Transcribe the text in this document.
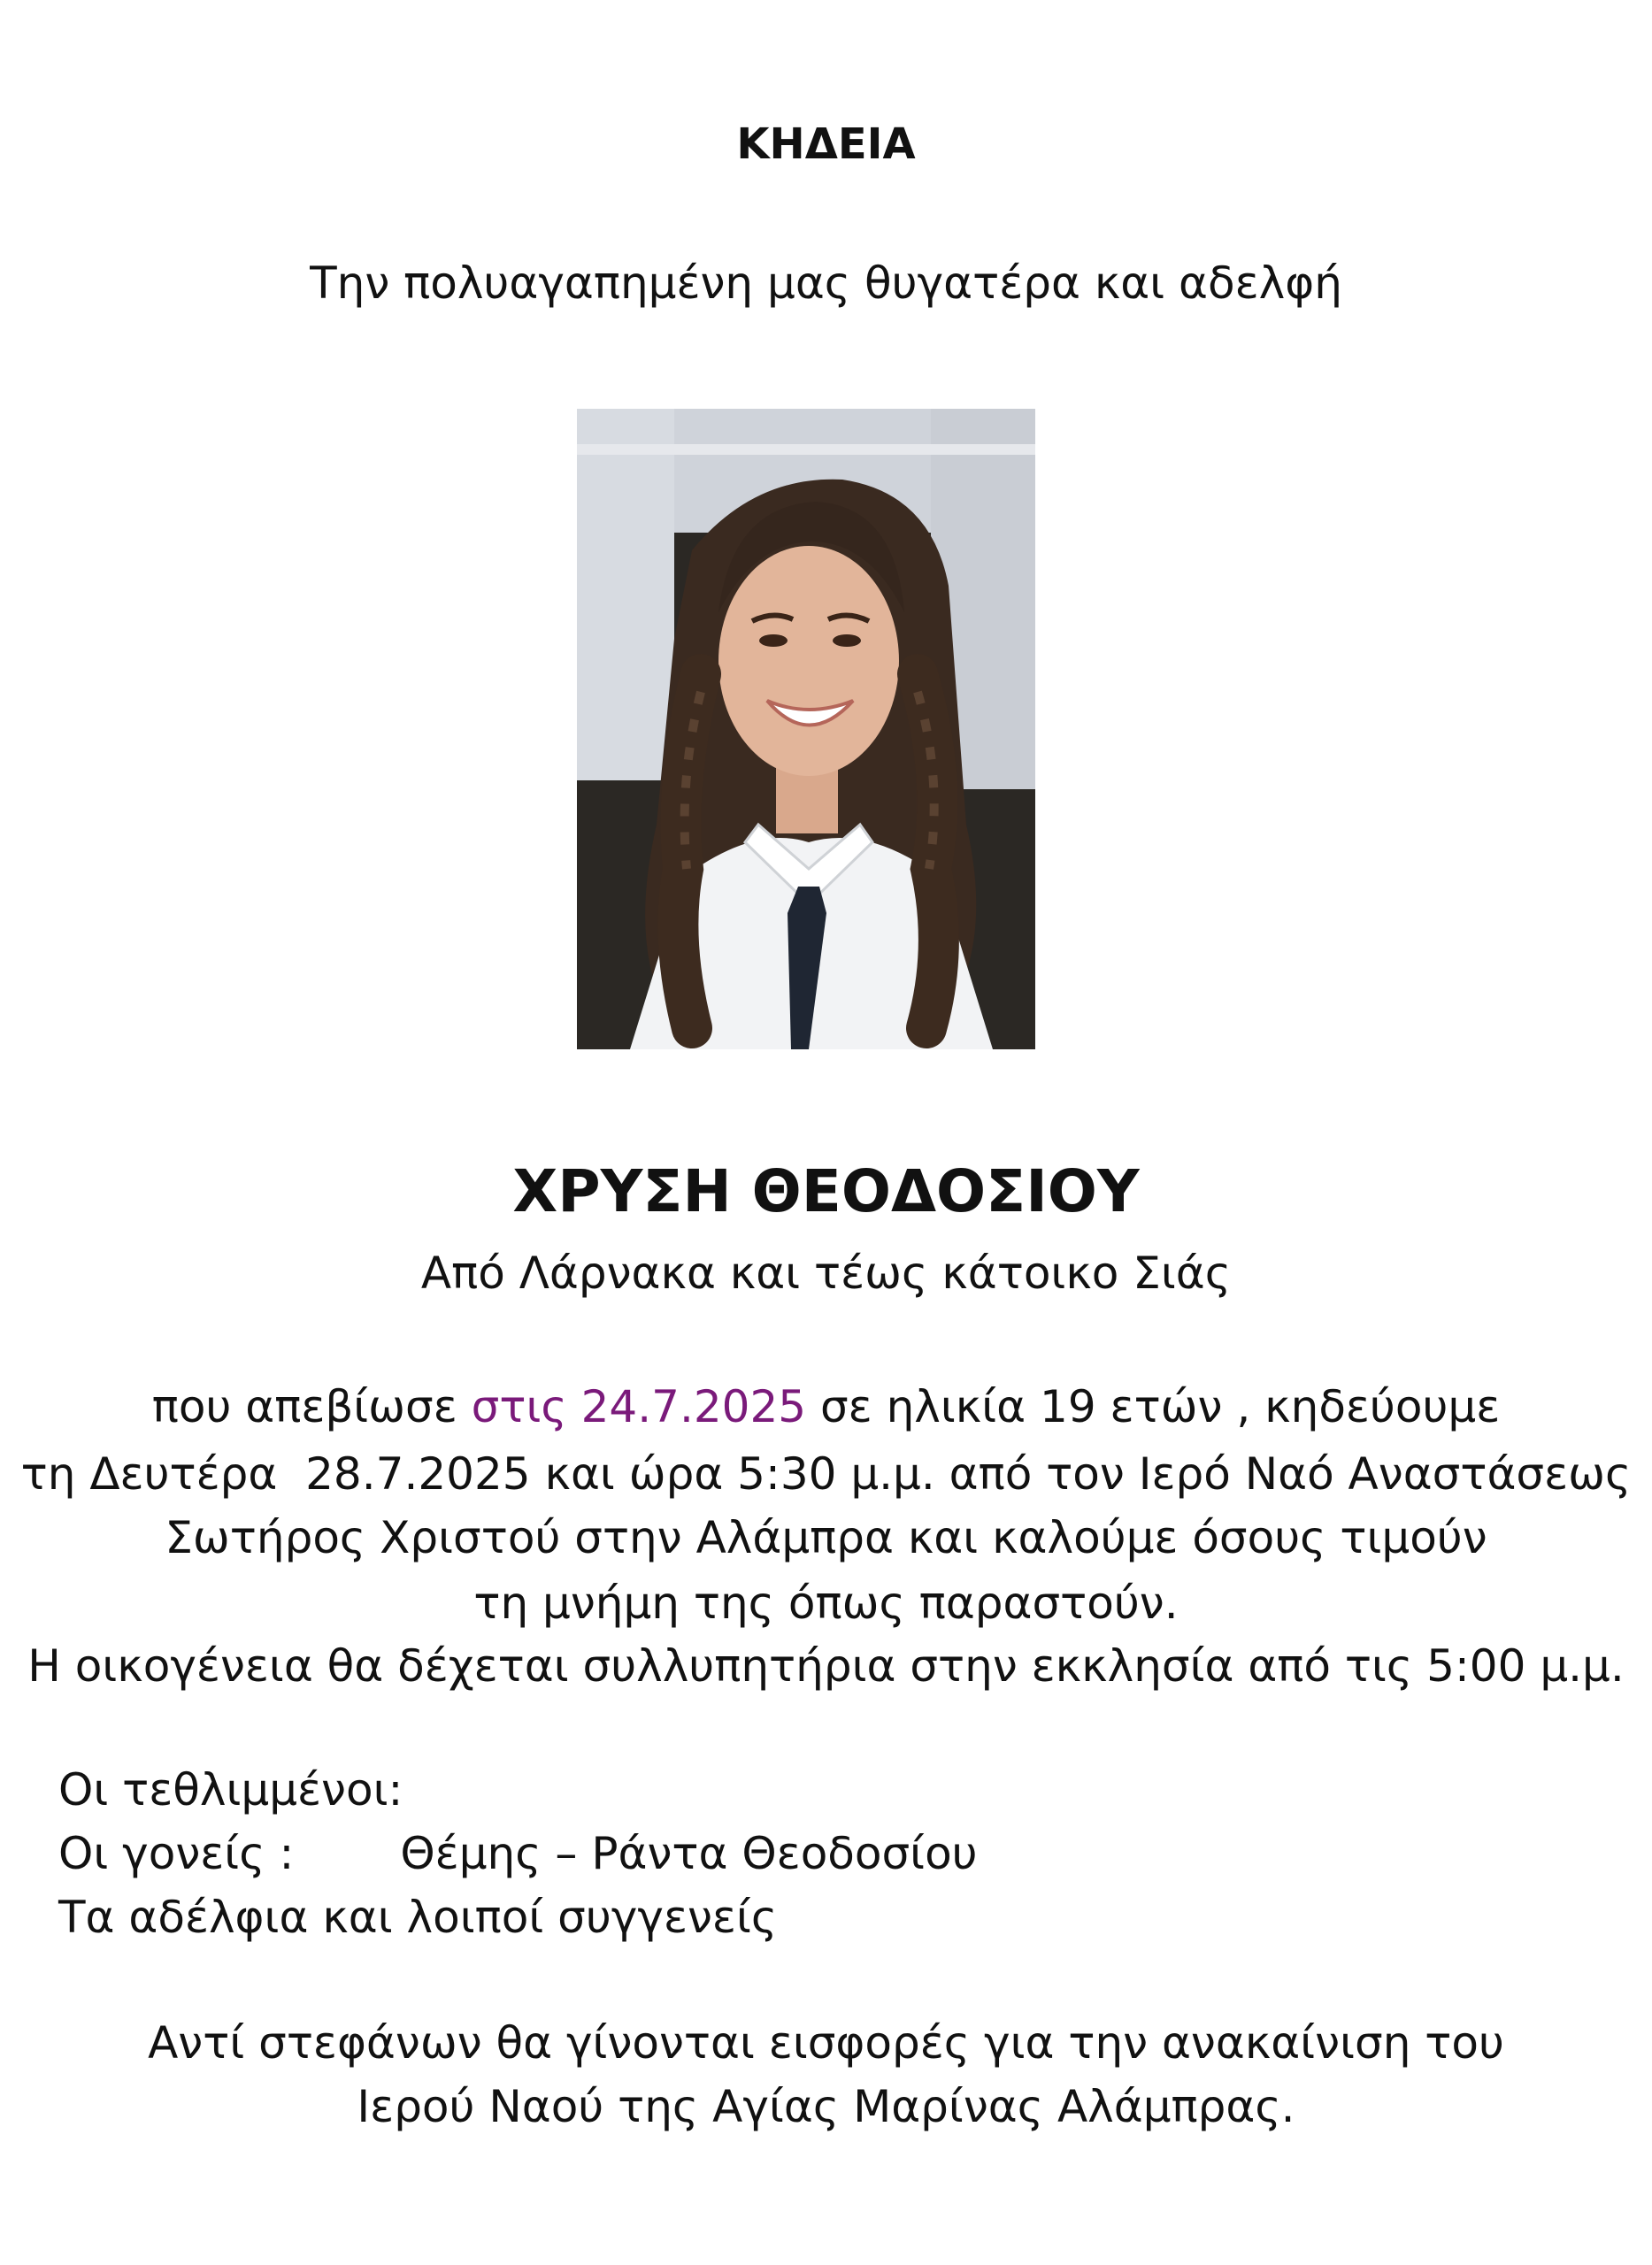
ΚΗΔΕΙΑ
Την πολυαγαπημένη μας θυγατέρα και αδελφή
ΧΡΥΣΗ ΘΕΟΔΟΣΙΟΥ
Από Λάρνακα και τέως κάτοικο Σιάς
που απεβίωσε στις 24.7.2025 σε ηλικία 19 ετών , κηδεύουμε
τη Δευτέρα  28.7.2025 και ώρα 5:30 μ.μ. από τον Ιερό Ναό Αναστάσεως
Σωτήρος Χριστού στην Αλάμπρα και καλούμε όσους τιμούν
τη μνήμη της όπως παραστούν.
Η οικογένεια θα δέχεται συλλυπητήρια στην εκκλησία από τις 5:00 μ.μ.
Οι τεθλιμμένοι:
Οι γονείς : Θέμης – Ράντα Θεοδοσίου
Τα αδέλφια και λοιποί συγγενείς
Αντί στεφάνων θα γίνονται εισφορές για την ανακαίνιση του
Ιερού Ναού της Αγίας Μαρίνας Αλάμπρας.
